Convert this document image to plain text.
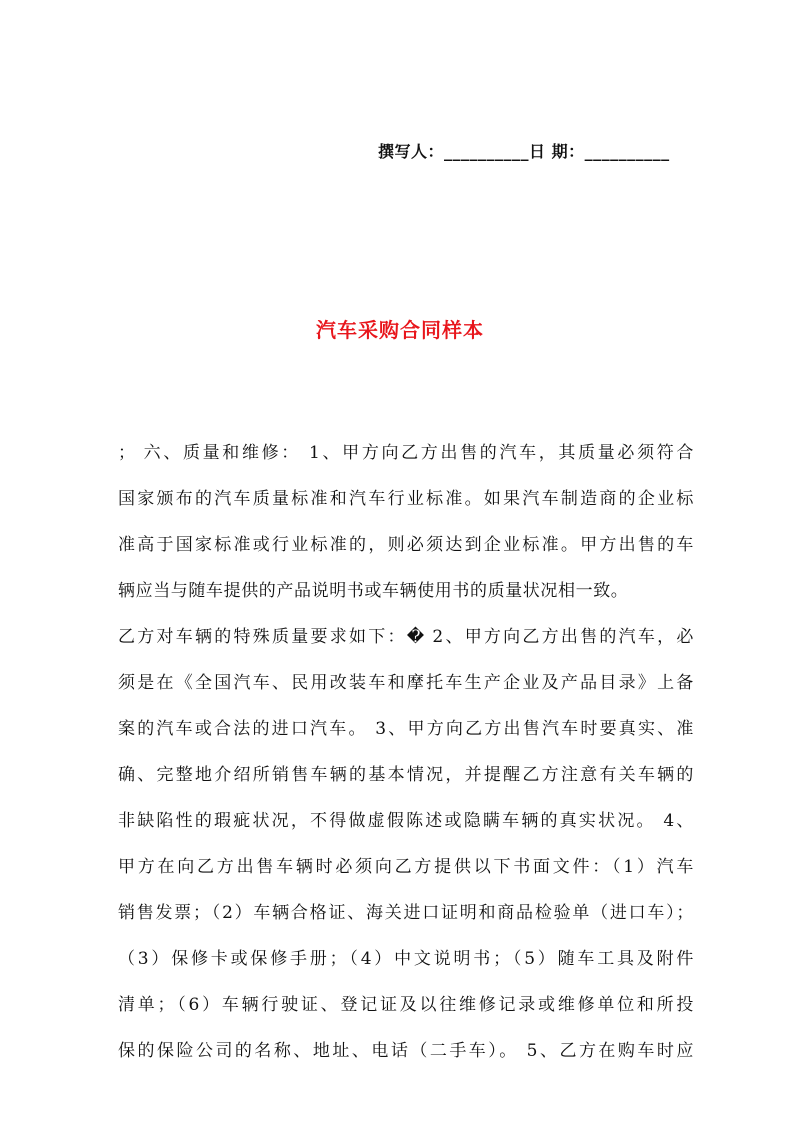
撰写人：__________日 期：__________
汽车采购合同样本
； 六、质量和维修： 1、甲方向乙方出售的汽车，其质量必须符合
国家颁布的汽车质量标准和汽车行业标准。如果汽车制造商的企业标
准高于国家标准或行业标准的，则必须达到企业标准。甲方出售的车
辆应当与随车提供的产品说明书或车辆使用书的质量状况相一致。
乙方对车辆的特殊质量要求如下：� 2、甲方向乙方出售的汽车，必
须是在《全国汽车、民用改装车和摩托车生产企业及产品目录》上备
案的汽车或合法的进口汽车。 3、甲方向乙方出售汽车时要真实、准
确、完整地介绍所销售车辆的基本情况，并提醒乙方注意有关车辆的
非缺陷性的瑕疵状况，不得做虚假陈述或隐瞒车辆的真实状况。 4、
甲方在向乙方出售车辆时必须向乙方提供以下书面文件：（1）汽车
销售发票；（2）车辆合格证、海关进口证明和商品检验单（进口车）；
（3）保修卡或保修手册；（4）中文说明书；（5）随车工具及附件
清单；（6）车辆行驶证、登记证及以往维修记录或维修单位和所投
保的保险公司的名称、地址、电话（二手车）。 5、乙方在购车时应
